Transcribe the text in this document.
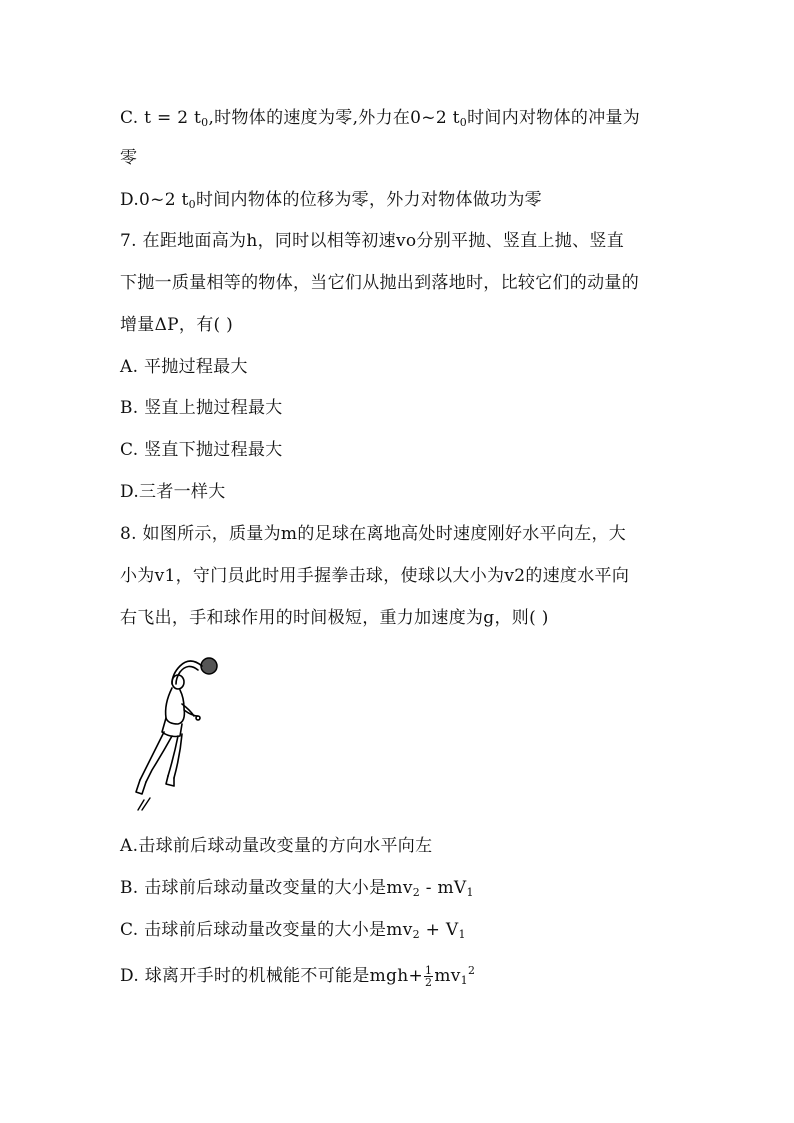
C. t = 2 $t_0$,时物体的速度为零,外力在0~2 $t_0$时间内对物体的冲量为
零
D.0~2 $t_0$时间内物体的位移为零，外力对物体做功为零
7. 在距地面高为h，同时以相等初速vo分别平抛、竖直上抛、竖直
下抛一质量相等的物体，当它们从抛出到落地时，比较它们的动量的
增量ΔP，有( )
A. 平抛过程最大
B. 竖直上抛过程最大
C. 竖直下抛过程最大
D.三者一样大
8. 如图所示，质量为m的足球在离地高处时速度刚好水平向左，大
小为v1，守门员此时用手握拳击球，使球以大小为v2的速度水平向
右飞出，手和球作用的时间极短，重力加速度为g，则( )
A.击球前后球动量改变量的方向水平向左
B. 击球前后球动量改变量的大小是$mv_2 - mV_1$
C. 击球前后球动量改变量的大小是$mv_2 + V_1$
D. 球离开手时的机械能不可能是$mgh+ \frac{1}{2} mv_1^2$
